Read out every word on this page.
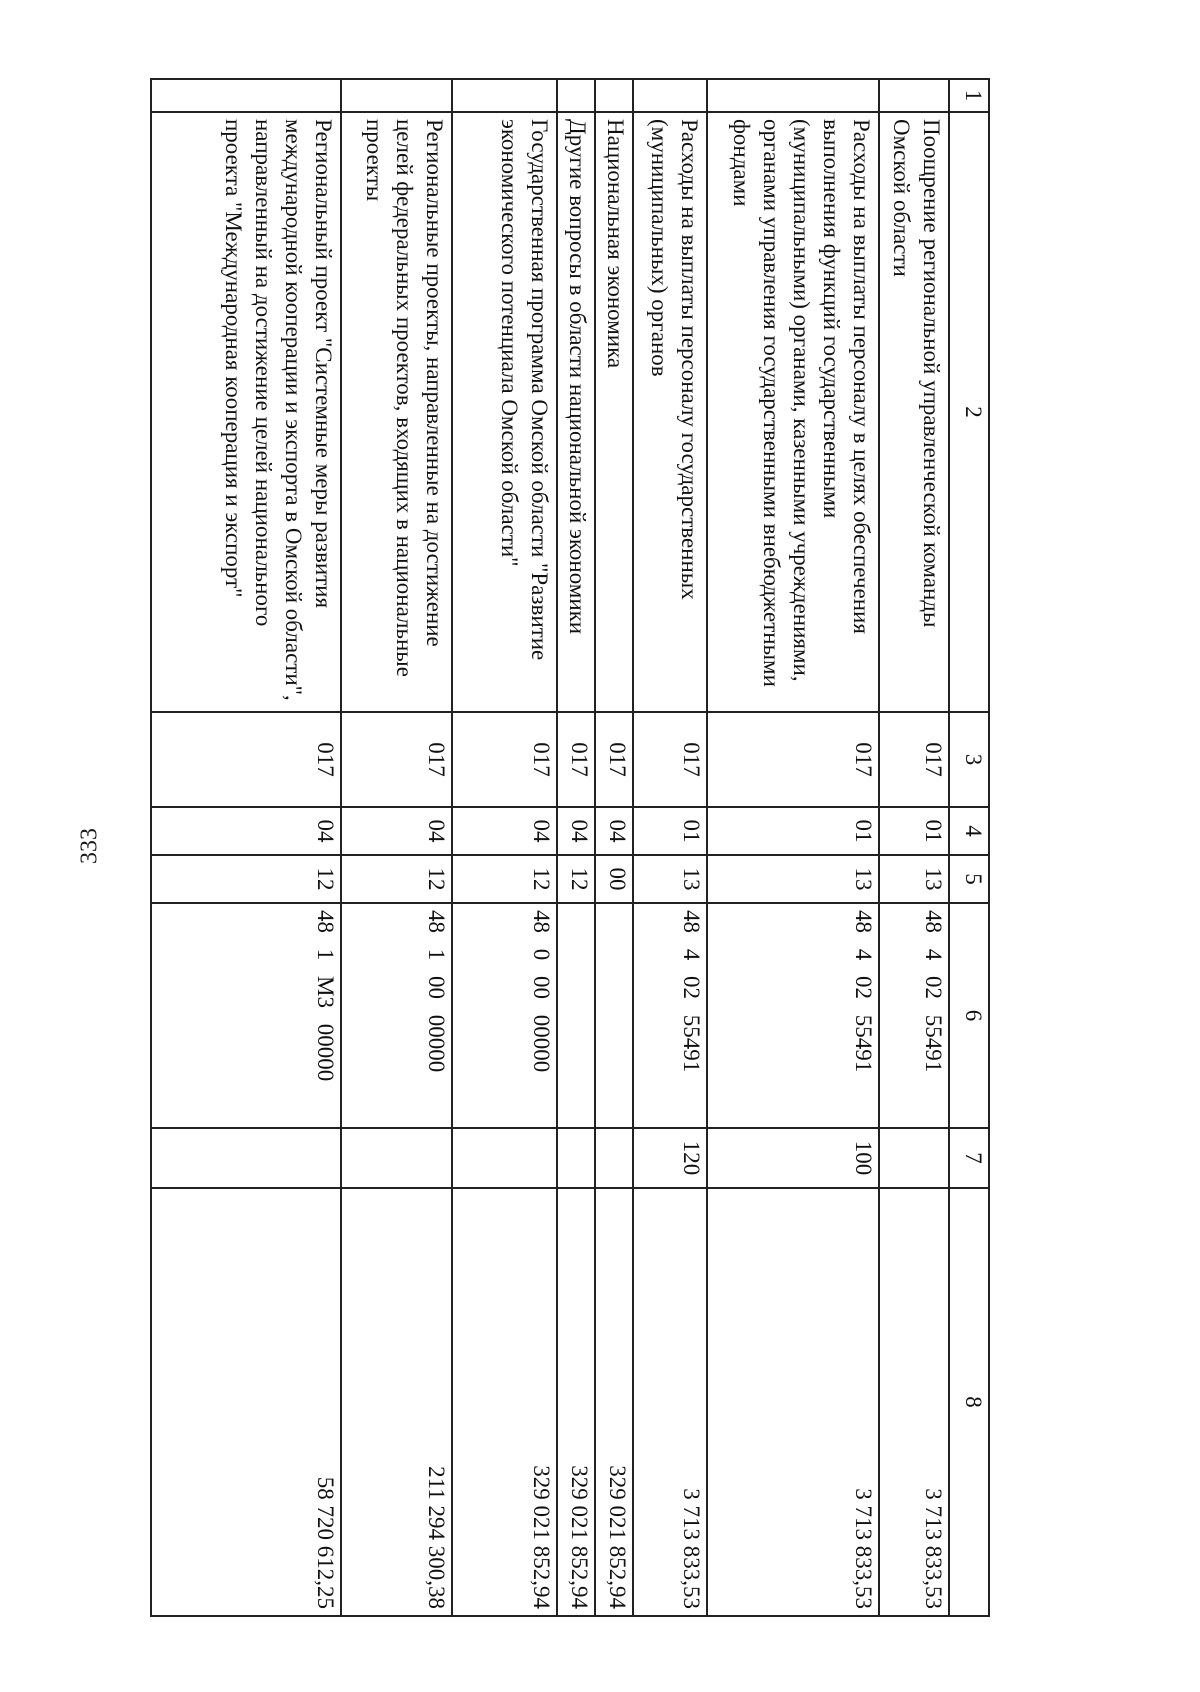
333
1	2	3	4	5	6	7	8
	Поощрение региональной управленческой команды Омской области	017	01	13	48 4 02 55491		3 713 833,53
	Расходы на выплаты персоналу в целях обеспечения выполнения функций государственными (муниципальными) органами, казенными учреждениями, органами управления государственными внебюджетными фондами	017	01	13	48 4 02 55491	100	3 713 833,53
	Расходы на выплаты персоналу государственных (муниципальных) органов	017	01	13	48 4 02 55491	120	3 713 833,53
	Национальная экономика	017	04	00			329 021 852,94
	Другие вопросы в области национальной экономики	017	04	12			329 021 852,94
	Государственная программа Омской области "Развитие экономического потенциала Омской области"	017	04	12	48 0 00 00000		329 021 852,94
	Региональные проекты, направленные на достижение целей федеральных проектов, входящих в национальные проекты	017	04	12	48 1 00 00000		211 294 300,38
	Региональный проект "Системные меры развития международной кооперации и экспорта в Омской области", направленный на достижение целей национального проекта "Международная кооперация и экспорт"	017	04	12	48 1 М3 00000		58 720 612,25
